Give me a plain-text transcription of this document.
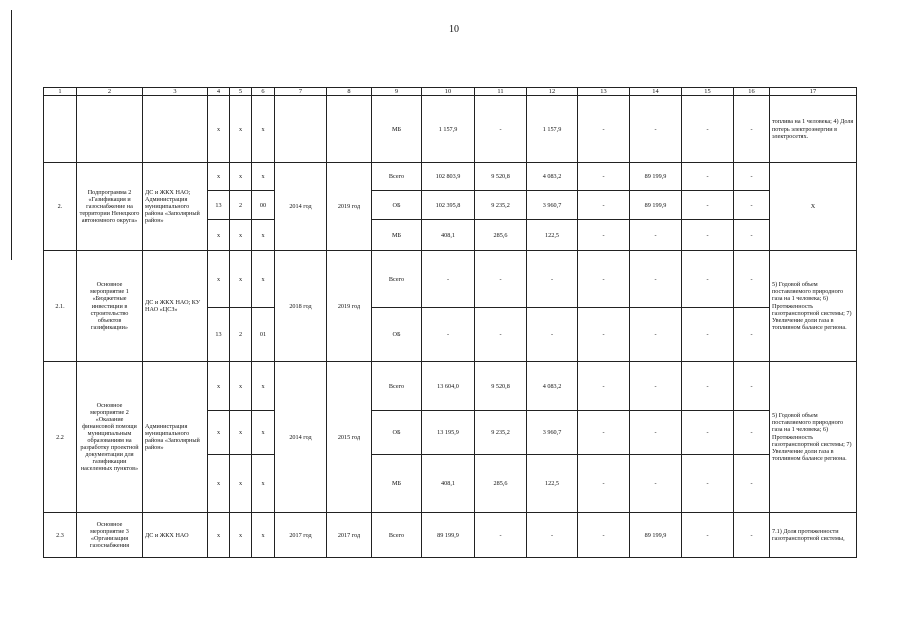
10
1	2	3	4	5	6	7	8	9	10	11	12	13	14	15	16	17
			х	х	х			МБ	1 157,9	-	1 157,9	-	-	-	-	топлива на 1 человека; 4) Доля потерь электроэнергии в электросетях.
2.	Подпрограмма 2 «Газификация и газоснабжение на территории Ненецкого автономного округа»	ДС и ЖКХ НАО; Администрация муниципального района «Заполярный район»	х	х	х	2014 год	2019 год	Всего	102 803,9	9 520,8	4 083,2	-	89 199,9	-	-	Х
			13	2	00			ОБ	102 395,8	9 235,2	3 960,7	-	89 199,9	-	-	
			х	х	х			МБ	408,1	285,6	122,5	-	-	-	-	
2.1.	Основное мероприятие 1 «Бюджетные инвестиции в строительство объектов газификации»	ДС и ЖКХ НАО; КУ НАО «ЦСЗ»	х	х	х	2018 год	2019 год	Всего	-	-	-	-	-	-	-	5) Годовой объем поставляемого природного газа на 1 человека; 6) Протяженность газотранспортной системы; 7) Увеличение доли газа в топливном балансе региона.
			13	2	01			ОБ	-	-	-	-	-	-	-	
2.2	Основное мероприятие 2 «Оказание финансовой помощи муниципальным образованиям на разработку проектной документации для газификации населенных пунктов»	Администрация муниципального района «Заполярный район»	х	х	х	2014 год	2015 год	Всего	13 604,0	9 520,8	4 083,2	-	-	-	-	5) Годовой объем поставляемого природного газа на 1 человека; 6) Протяженность газотранспортной системы; 7) Увеличение доли газа в топливном балансе региона.
			х	х	х			ОБ	13 195,9	9 235,2	3 960,7	-	-	-	-	
			х	х	х			МБ	408,1	285,6	122,5	-	-	-	-	
2.3	Основное мероприятие 3 «Организация газоснабжения	ДС и ЖКХ НАО	х	х	х	2017 год	2017 год	Всего	89 199,9	-	-	-	89 199,9	-	-	7.1) Доля протяженности газотранспортной системы,
